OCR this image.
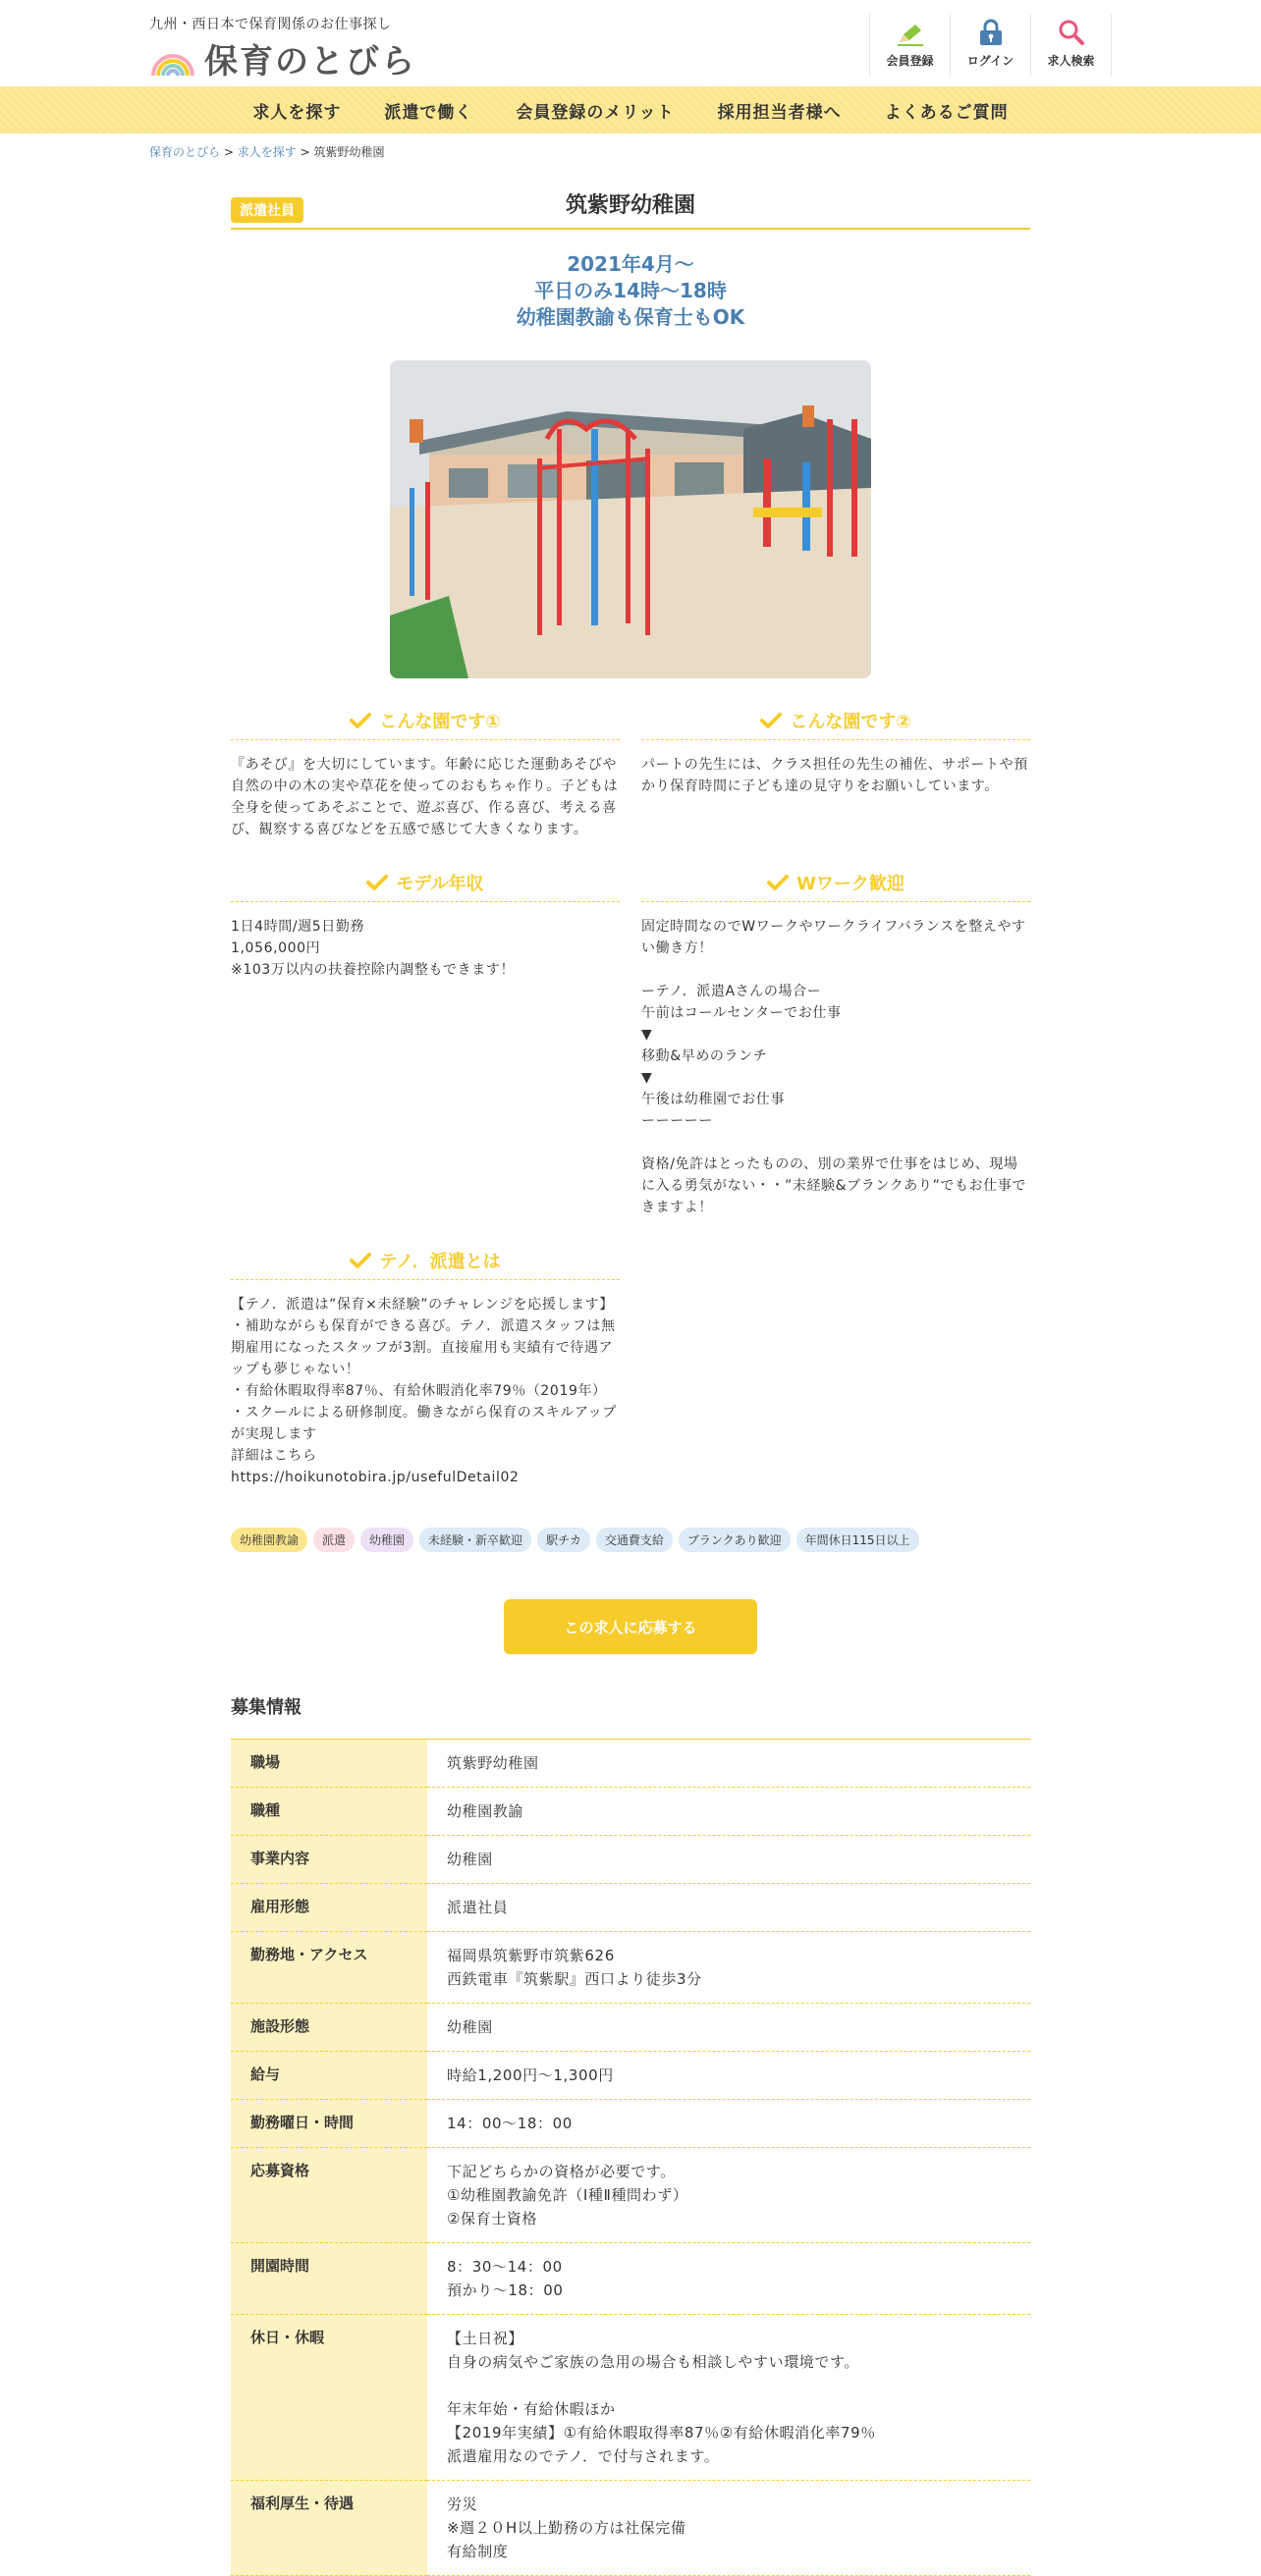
九州・西日本で保育関係のお仕事探し
保育のとびら	会員登録	ログイン	求人検索
求人を探す	派遣で働く	会員登録のメリット	採用担当者様へ	よくあるご質問
保育のとびら > 求人を探す > 筑紫野幼稚園
派遣社員	筑紫野幼稚園
2021年4月～
平日のみ14時～18時
幼稚園教諭も保育士もOK
こんな園です①
『あそび』を大切にしています。年齢に応じた運動あそびや自然の中の木の実や草花を使ってのおもちゃ作り。子どもは全身を使ってあそぶことで、遊ぶ喜び、作る喜び、考える喜び、観察する喜びなどを五感で感じて大きくなります。
こんな園です②
パートの先生には、クラス担任の先生の補佐、サポートや預かり保育時間に子ども達の見守りをお願いしています。
モデル年収
1日4時間/週5日勤務
1,056,000円
※103万以内の扶養控除内調整もできます！
Wワーク歓迎
固定時間なのでWワークやワークライフバランスを整えやすい働き方！

ーテノ．派遣Aさんの場合ー
午前はコールセンターでお仕事
▼
移動&早めのランチ
▼
午後は幼稚園でお仕事
ーーーーー

資格/免許はとったものの、別の業界で仕事をはじめ、現場に入る勇気がない・・”未経験&ブランクあり”でもお仕事できますよ！
テノ．派遣とは
【テノ．派遣は”保育×未経験”のチャレンジを応援します】
・補助ながらも保育ができる喜び。テノ．派遣スタッフは無期雇用になったスタッフが3割。直接雇用も実績有で待遇アップも夢じゃない！
・有給休暇取得率87％、有給休暇消化率79％（2019年）
・スクールによる研修制度。働きながら保育のスキルアップが実現します
詳細はこちら
https://hoikunotobira.jp/usefulDetail02
幼稚園教諭	派遣	幼稚園	未経験・新卒歓迎	駅チカ	交通費支給	ブランクあり歓迎	年間休日115日以上
この求人に応募する
募集情報
職場	筑紫野幼稚園
職種	幼稚園教諭
事業内容	幼稚園
雇用形態	派遣社員
勤務地・アクセス	福岡県筑紫野市筑紫626
西鉄電車『筑紫駅』西口より徒歩3分
施設形態	幼稚園
給与	時給1,200円～1,300円
勤務曜日・時間	14：00～18：00
応募資格	下記どちらかの資格が必要です。
①幼稚園教諭免許（Ⅰ種Ⅱ種問わず）
②保育士資格
開園時間	8：30～14：00
預かり～18：00
休日・休暇	【土日祝】
自身の病気やご家族の急用の場合も相談しやすい環境です。

年末年始・有給休暇ほか
【2019年実績】①有給休暇取得率87％②有給休暇消化率79％
派遣雇用なのでテノ．で付与されます。
福利厚生・待遇	労災
※週２０H以上勤務の方は社保完備
有給制度
